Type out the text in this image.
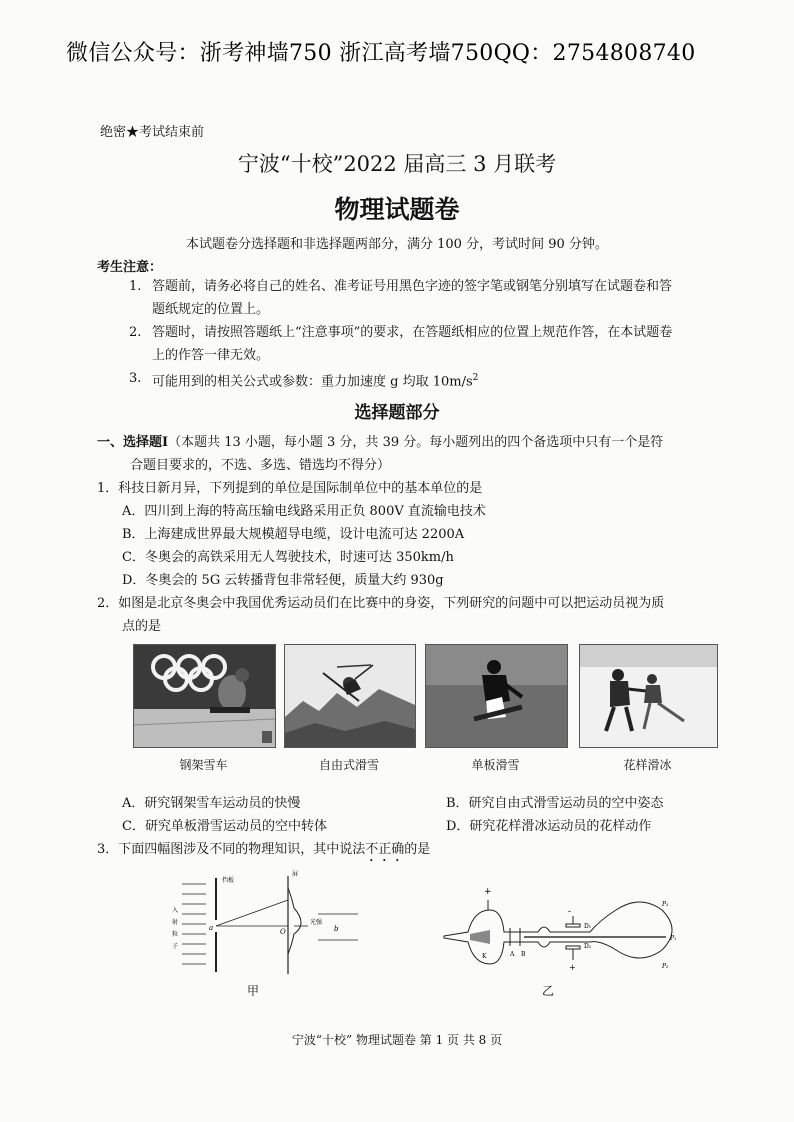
微信公众号：浙考神墙750 浙江高考墙750QQ：2754808740
绝密★考试结束前
宁波“十校”2022 届高三 3 月联考
物理试题卷
本试题卷分选择题和非选择题两部分，满分 100 分，考试时间 90 分钟。
考生注意：
1. 答题前，请务必将自己的姓名、准考证号用黑色字迹的签字笔或钢笔分别填写在试题卷和答
题纸规定的位置上。
2. 答题时，请按照答题纸上“注意事项”的要求，在答题纸相应的位置上规范作答，在本试题卷
上的作答一律无效。
3. 可能用到的相关公式或参数：重力加速度 g 均取 $10m/s^2$
选择题部分
一、选择题Ⅰ（本题共 13 小题，每小题 3 分，共 39 分。每小题列出的四个备选项中只有一个是符
合题目要求的，不选、多选、错选均不得分）
1．科技日新月异，下列提到的单位是国际制单位中的基本单位的是
A．四川到上海的特高压输电线路采用正负 800V 直流输电技术
B．上海建成世界最大规模超导电缆，设计电流可达 2200A
C．冬奥会的高铁采用无人驾驶技术，时速可达 350km/h
D．冬奥会的 5G 云转播背包非常轻便，质量大约 930g
2．如图是北京冬奥会中我国优秀运动员们在比赛中的身姿，下列研究的问题中可以把运动员视为质
点的是
钢架雪车	自由式滑雪	单板滑雪	花样滑冰
A．研究钢架雪车运动员的快慢	B．研究自由式滑雪运动员的空中姿态
C．研究单板滑雪运动员的空中转体	D．研究花样滑冰运动员的花样动作
3．下面四幅图涉及不同的物理知识，其中说法不正确的是
挡板
屏
入
射
粒
子
a	b
O
光强
甲
+
-
+
K	A B
D₁
D₂
P₃
P₁
P₂
乙
宁波“十校” 物理试题卷 第 1 页 共 8 页
